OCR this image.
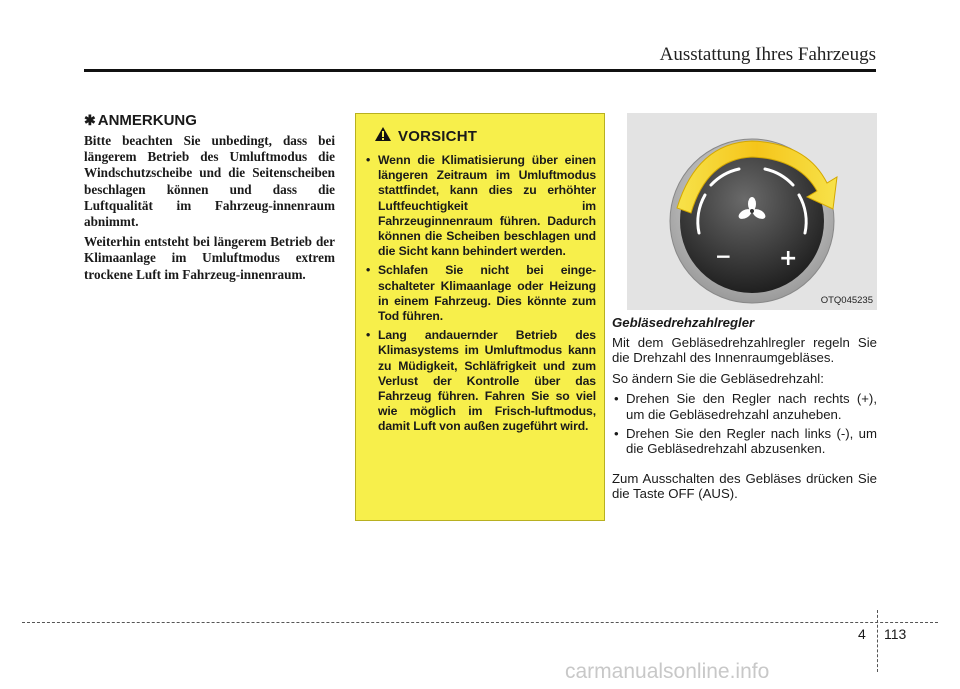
Ausstattung Ihres Fahrzeugs
✱ ANMERKUNG

Bitte beachten Sie unbedingt, dass bei längerem Betrieb des Umluftmodus die Windschutzscheibe und die Seitenscheiben beschlagen können und dass die Luftqualität im Fahrzeug-innenraum abnimmt.

Weiterhin entsteht bei längerem Betrieb der Klimaanlage im Umluftmodus extrem trockene Luft im Fahrzeug-innenraum.

VORSICHT
• Wenn die Klimatisierung über einen längeren Zeitraum im Umluftmodus stattfindet, kann dies zu erhöhter Luftfeuchtigkeit im Fahrzeuginnenraum führen. Dadurch können die Scheiben beschlagen und die Sicht kann behindert werden.
• Schlafen Sie nicht bei einge-schalteter Klimaanlage oder Heizung in einem Fahrzeug. Dies könnte zum Tod führen.
• Lang andauernder Betrieb des Klimasystems im Umluftmodus kann zu Müdigkeit, Schläfrigkeit und zum Verlust der Kontrolle über das Fahrzeug führen. Fahren Sie so viel wie möglich im Frisch-luftmodus, damit Luft von außen zugeführt wird.
− +
OTQ045235
Gebläsedrehzahlregler

Mit dem Gebläsedrehzahlregler regeln Sie die Drehzahl des Innenraumgebläses.

So ändern Sie die Gebläsedrehzahl:

• Drehen Sie den Regler nach rechts (+), um die Gebläsedrehzahl anzuheben.
• Drehen Sie den Regler nach links (-), um die Gebläsedrehzahl abzusenken.

Zum Ausschalten des Gebläses drücken Sie die Taste OFF (AUS).

4 113
carmanualsonline.info
